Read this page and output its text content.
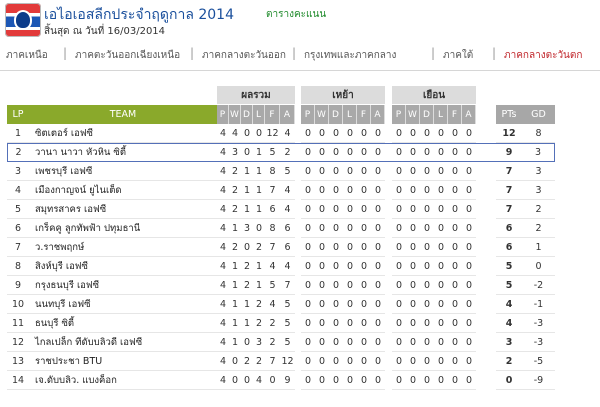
เอไอเอสลีกประจำฤดูกาล 2014	ตารางคะแนน
สิ้นสุด ณ วันที่ 16/03/2014
ภาคเหนือ | ภาคตะวันออกเฉียงเหนือ | ภาคกลางตะวันออก | กรุงเทพและภาคกลาง	| ภาคใต้ | ภาคกลางตะวันตก
		ผลรวม							เหย้า							เยือน								
LP	TEAM	P	W	D	L	F	A		P	W	D	L	F	A		P	W	D	L	F	A		PTs	GD
1	ซิตเตอร์ เอฟซี	4	4	0	0	12	4		0	0	0	0	0	0		0	0	0	0	0	0		12	8
2	วานา นาวา หัวหิน ซิตี้	4	3	0	1	5	2		0	0	0	0	0	0		0	0	0	0	0	0		9	3
3	เพชรบุรี เอฟซี	4	2	1	1	8	5		0	0	0	0	0	0		0	0	0	0	0	0		7	3
4	เมืองกาญจน์ ยูไนเต็ด	4	2	1	1	7	4		0	0	0	0	0	0		0	0	0	0	0	0		7	3
5	สมุทรสาคร เอฟซี	4	2	1	1	6	4		0	0	0	0	0	0		0	0	0	0	0	0		7	2
6	เกร็คคู ลูกทัพฟ้า ปทุมธานี	4	1	3	0	8	6		0	0	0	0	0	0		0	0	0	0	0	0		6	2
7	ว.ราชพฤกษ์	4	2	0	2	7	6		0	0	0	0	0	0		0	0	0	0	0	0		6	1
8	สิงห์บุรี เอฟซี	4	1	2	1	4	4		0	0	0	0	0	0		0	0	0	0	0	0		5	0
9	กรุงธนบุรี เอฟซี	4	1	2	1	5	7		0	0	0	0	0	0		0	0	0	0	0	0		5	-2
10	นนทบุรี เอฟซี	4	1	1	2	4	5		0	0	0	0	0	0		0	0	0	0	0	0		4	-1
11	ธนบุรี ซิตี้	4	1	1	2	2	5		0	0	0	0	0	0		0	0	0	0	0	0		4	-3
12	ไกลเปล็ก ทีดับบลิวดี เอฟซี	4	1	0	3	2	5		0	0	0	0	0	0		0	0	0	0	0	0		3	-3
13	ราชประชา BTU	4	0	2	2	7	12		0	0	0	0	0	0		0	0	0	0	0	0		2	-5
14	เจ.ดับบลิว. แบงค็อก	4	0	0	4	0	9		0	0	0	0	0	0		0	0	0	0	0	0		0	-9
